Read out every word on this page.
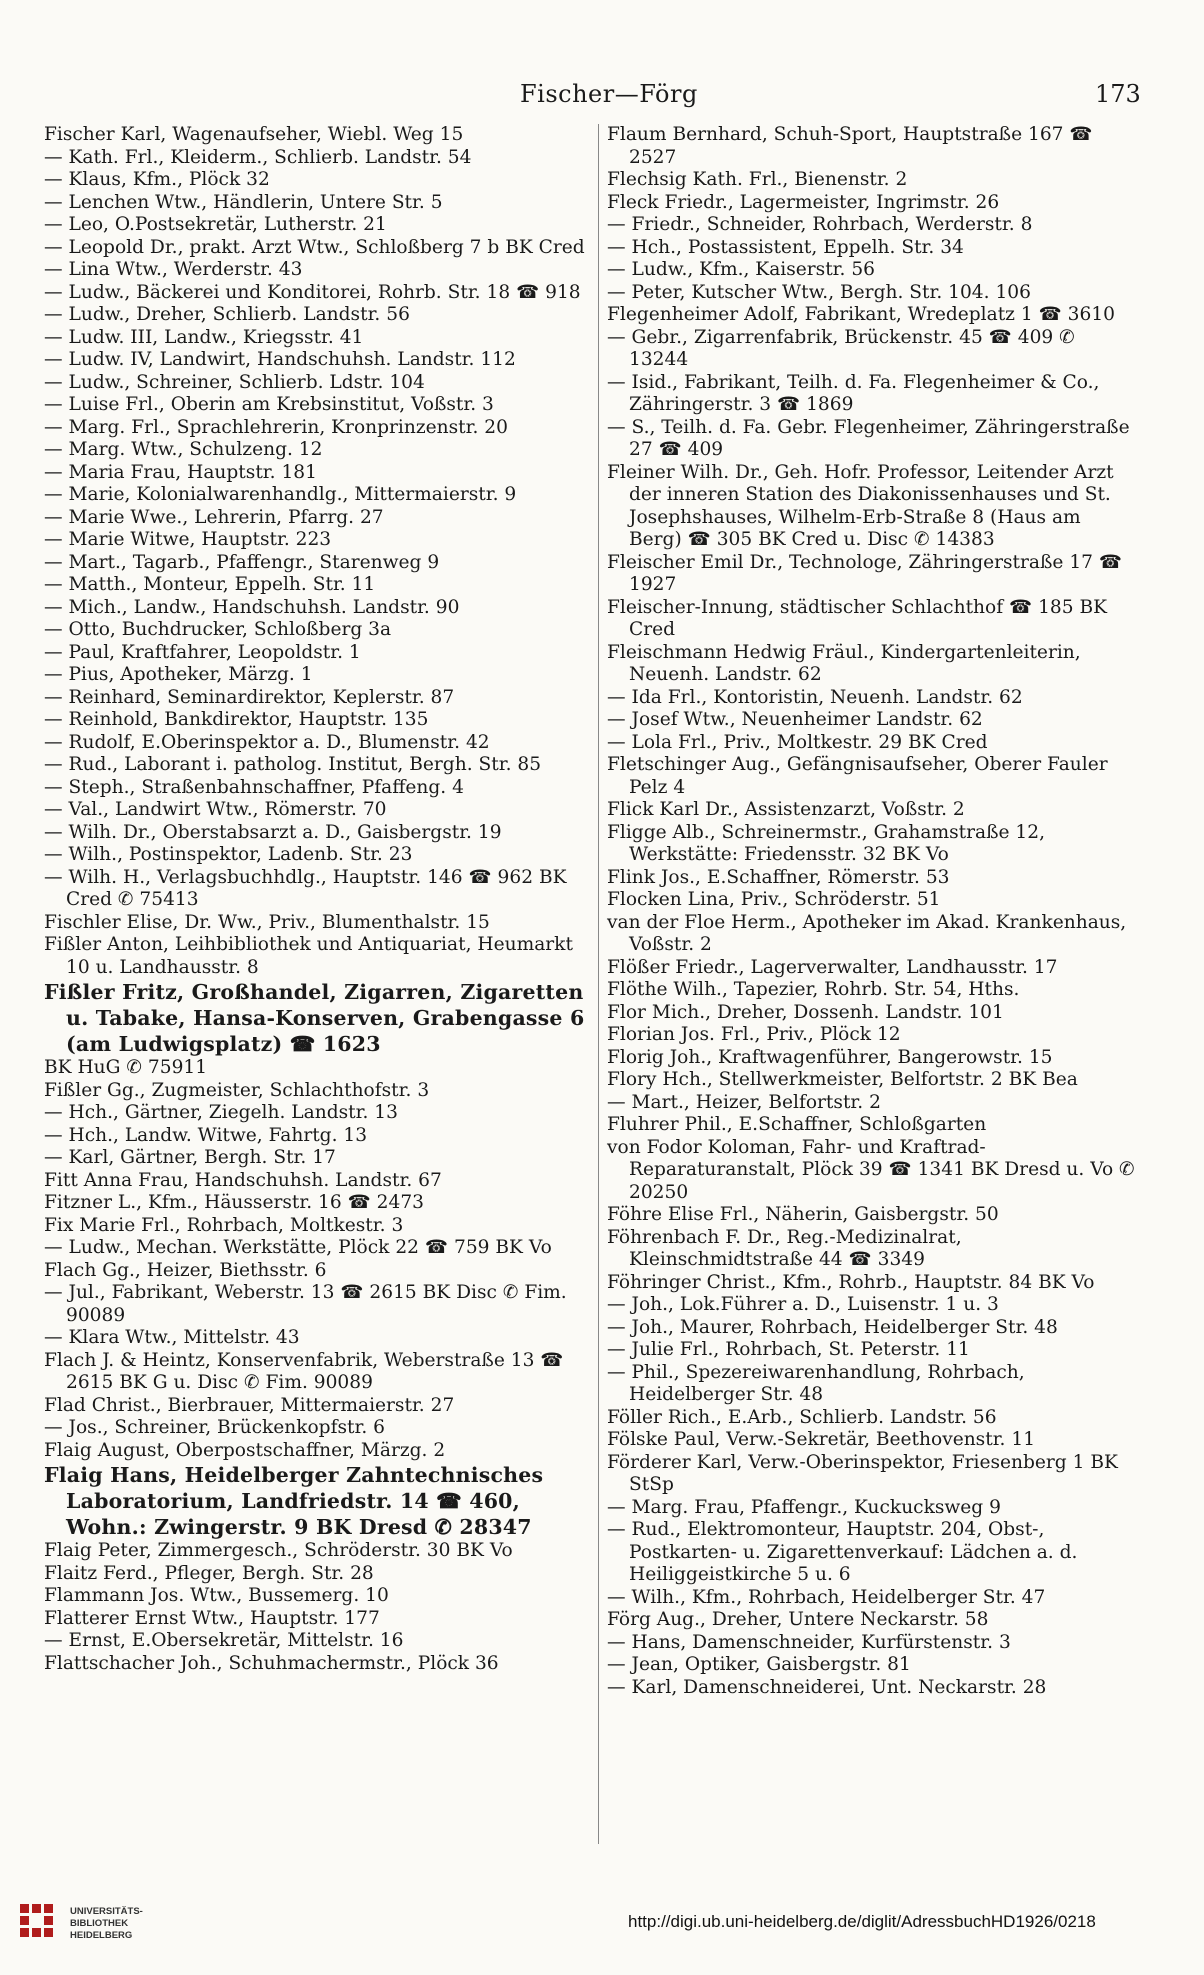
Fischer—Förg	173
Fischer Karl, Wagenaufseher, Wiebl. Weg 15
— Kath. Frl., Kleiderm., Schlierb. Landstr. 54
— Klaus, Kfm., Plöck 32
— Lenchen Wtw., Händlerin, Untere Str. 5
— Leo, O.Postsekretär, Lutherstr. 21
— Leopold Dr., prakt. Arzt Wtw., Schloßberg 7 b BK Cred
— Lina Wtw., Werderstr. 43
— Ludw., Bäckerei und Konditorei, Rohrb. Str. 18 ☎ 918
— Ludw., Dreher, Schlierb. Landstr. 56
— Ludw. III, Landw., Kriegsstr. 41
— Ludw. IV, Landwirt, Handschuhsh. Landstr. 112
— Ludw., Schreiner, Schlierb. Ldstr. 104
— Luise Frl., Oberin am Krebsinstitut, Voßstr. 3
— Marg. Frl., Sprachlehrerin, Kronprinzenstr. 20
— Marg. Wtw., Schulzeng. 12
— Maria Frau, Hauptstr. 181
— Marie, Kolonialwarenhandlg., Mittermaierstr. 9
— Marie Wwe., Lehrerin, Pfarrg. 27
— Marie Witwe, Hauptstr. 223
— Mart., Tagarb., Pfaffengr., Starenweg 9
— Matth., Monteur, Eppelh. Str. 11
— Mich., Landw., Handschuhsh. Landstr. 90
— Otto, Buchdrucker, Schloßberg 3a
— Paul, Kraftfahrer, Leopoldstr. 1
— Pius, Apotheker, Märzg. 1
— Reinhard, Seminardirektor, Keplerstr. 87
— Reinhold, Bankdirektor, Hauptstr. 135
— Rudolf, E.Oberinspektor a. D., Blumenstr. 42
— Rud., Laborant i. patholog. Institut, Bergh. Str. 85
— Steph., Straßenbahnschaffner, Pfaffeng. 4
— Val., Landwirt Wtw., Römerstr. 70
— Wilh. Dr., Oberstabsarzt a. D., Gaisbergstr. 19
— Wilh., Postinspektor, Ladenb. Str. 23
— Wilh. H., Verlagsbuchhdlg., Hauptstr. 146 ☎ 962 BK Cred ✆ 75413
Fischler Elise, Dr. Ww., Priv., Blumenthalstr. 15
Fißler Anton, Leihbibliothek und Antiquariat, Heumarkt 10 u. Landhausstr. 8
Fißler Fritz, Großhandel, Zigarren, Zigaretten u. Tabake, Hansa-Konserven, Grabengasse 6 (am Ludwigsplatz) ☎ 1623
BK HuG ✆ 75911
Fißler Gg., Zugmeister, Schlachthofstr. 3
— Hch., Gärtner, Ziegelh. Landstr. 13
— Hch., Landw. Witwe, Fahrtg. 13
— Karl, Gärtner, Bergh. Str. 17
Fitt Anna Frau, Handschuhsh. Landstr. 67
Fitzner L., Kfm., Häusserstr. 16 ☎ 2473
Fix Marie Frl., Rohrbach, Moltkestr. 3
— Ludw., Mechan. Werkstätte, Plöck 22 ☎ 759 BK Vo
Flach Gg., Heizer, Biethsstr. 6
— Jul., Fabrikant, Weberstr. 13 ☎ 2615 BK Disc ✆ Fim. 90089
— Klara Wtw., Mittelstr. 43
Flach J. & Heintz, Konservenfabrik, Weberstraße 13 ☎ 2615 BK G u. Disc ✆ Fim. 90089
Flad Christ., Bierbrauer, Mittermaierstr. 27
— Jos., Schreiner, Brückenkopfstr. 6
Flaig August, Oberpostschaffner, Märzg. 2
Flaig Hans, Heidelberger Zahntechnisches Laboratorium, Landfriedstr. 14 ☎ 460, Wohn.: Zwingerstr. 9 BK Dresd ✆ 28347
Flaig Peter, Zimmergesch., Schröderstr. 30 BK Vo
Flaitz Ferd., Pfleger, Bergh. Str. 28
Flammann Jos. Wtw., Bussemerg. 10
Flatterer Ernst Wtw., Hauptstr. 177
— Ernst, E.Obersekretär, Mittelstr. 16
Flattschacher Joh., Schuhmachermstr., Plöck 36
Flaum Bernhard, Schuh-Sport, Hauptstraße 167 ☎ 2527
Flechsig Kath. Frl., Bienenstr. 2
Fleck Friedr., Lagermeister, Ingrimstr. 26
— Friedr., Schneider, Rohrbach, Werderstr. 8
— Hch., Postassistent, Eppelh. Str. 34
— Ludw., Kfm., Kaiserstr. 56
— Peter, Kutscher Wtw., Bergh. Str. 104. 106
Flegenheimer Adolf, Fabrikant, Wredeplatz 1 ☎ 3610
— Gebr., Zigarrenfabrik, Brückenstr. 45 ☎ 409 ✆ 13244
— Isid., Fabrikant, Teilh. d. Fa. Flegenheimer & Co., Zähringerstr. 3 ☎ 1869
— S., Teilh. d. Fa. Gebr. Flegenheimer, Zähringerstraße 27 ☎ 409
Fleiner Wilh. Dr., Geh. Hofr. Professor, Leitender Arzt der inneren Station des Diakonissenhauses und St. Josephshauses, Wilhelm-Erb-Straße 8 (Haus am Berg) ☎ 305 BK Cred u. Disc ✆ 14383
Fleischer Emil Dr., Technologe, Zähringerstraße 17 ☎ 1927
Fleischer-Innung, städtischer Schlachthof ☎ 185 BK Cred
Fleischmann Hedwig Fräul., Kindergartenleiterin, Neuenh. Landstr. 62
— Ida Frl., Kontoristin, Neuenh. Landstr. 62
— Josef Wtw., Neuenheimer Landstr. 62
— Lola Frl., Priv., Moltkestr. 29 BK Cred
Fletschinger Aug., Gefängnisaufseher, Oberer Fauler Pelz 4
Flick Karl Dr., Assistenzarzt, Voßstr. 2
Fligge Alb., Schreinermstr., Grahamstraße 12, Werkstätte: Friedensstr. 32 BK Vo
Flink Jos., E.Schaffner, Römerstr. 53
Flocken Lina, Priv., Schröderstr. 51
van der Floe Herm., Apotheker im Akad. Krankenhaus, Voßstr. 2
Flößer Friedr., Lagerverwalter, Landhausstr. 17
Flöthe Wilh., Tapezier, Rohrb. Str. 54, Hths.
Flor Mich., Dreher, Dossenh. Landstr. 101
Florian Jos. Frl., Priv., Plöck 12
Florig Joh., Kraftwagenführer, Bangerowstr. 15
Flory Hch., Stellwerkmeister, Belfortstr. 2 BK Bea
— Mart., Heizer, Belfortstr. 2
Fluhrer Phil., E.Schaffner, Schloßgarten
von Fodor Koloman, Fahr- und Kraftrad-Reparaturanstalt, Plöck 39 ☎ 1341 BK Dresd u. Vo ✆ 20250
Föhre Elise Frl., Näherin, Gaisbergstr. 50
Föhrenbach F. Dr., Reg.-Medizinalrat, Kleinschmidtstraße 44 ☎ 3349
Föhringer Christ., Kfm., Rohrb., Hauptstr. 84 BK Vo
— Joh., Lok.Führer a. D., Luisenstr. 1 u. 3
— Joh., Maurer, Rohrbach, Heidelberger Str. 48
— Julie Frl., Rohrbach, St. Peterstr. 11
— Phil., Spezereiwarenhandlung, Rohrbach, Heidelberger Str. 48
Föller Rich., E.Arb., Schlierb. Landstr. 56
Fölske Paul, Verw.-Sekretär, Beethovenstr. 11
Förderer Karl, Verw.-Oberinspektor, Friesenberg 1 BK StSp
— Marg. Frau, Pfaffengr., Kuckucksweg 9
— Rud., Elektromonteur, Hauptstr. 204, Obst-, Postkarten- u. Zigarettenverkauf: Lädchen a. d. Heiliggeistkirche 5 u. 6
— Wilh., Kfm., Rohrbach, Heidelberger Str. 47
Förg Aug., Dreher, Untere Neckarstr. 58
— Hans, Damenschneider, Kurfürstenstr. 3
— Jean, Optiker, Gaisbergstr. 81
— Karl, Damenschneiderei, Unt. Neckarstr. 28
UNIVERSITÄTS-
BIBLIOTHEK
HEIDELBERG
http://digi.ub.uni-heidelberg.de/diglit/AdressbuchHD1926/0218
